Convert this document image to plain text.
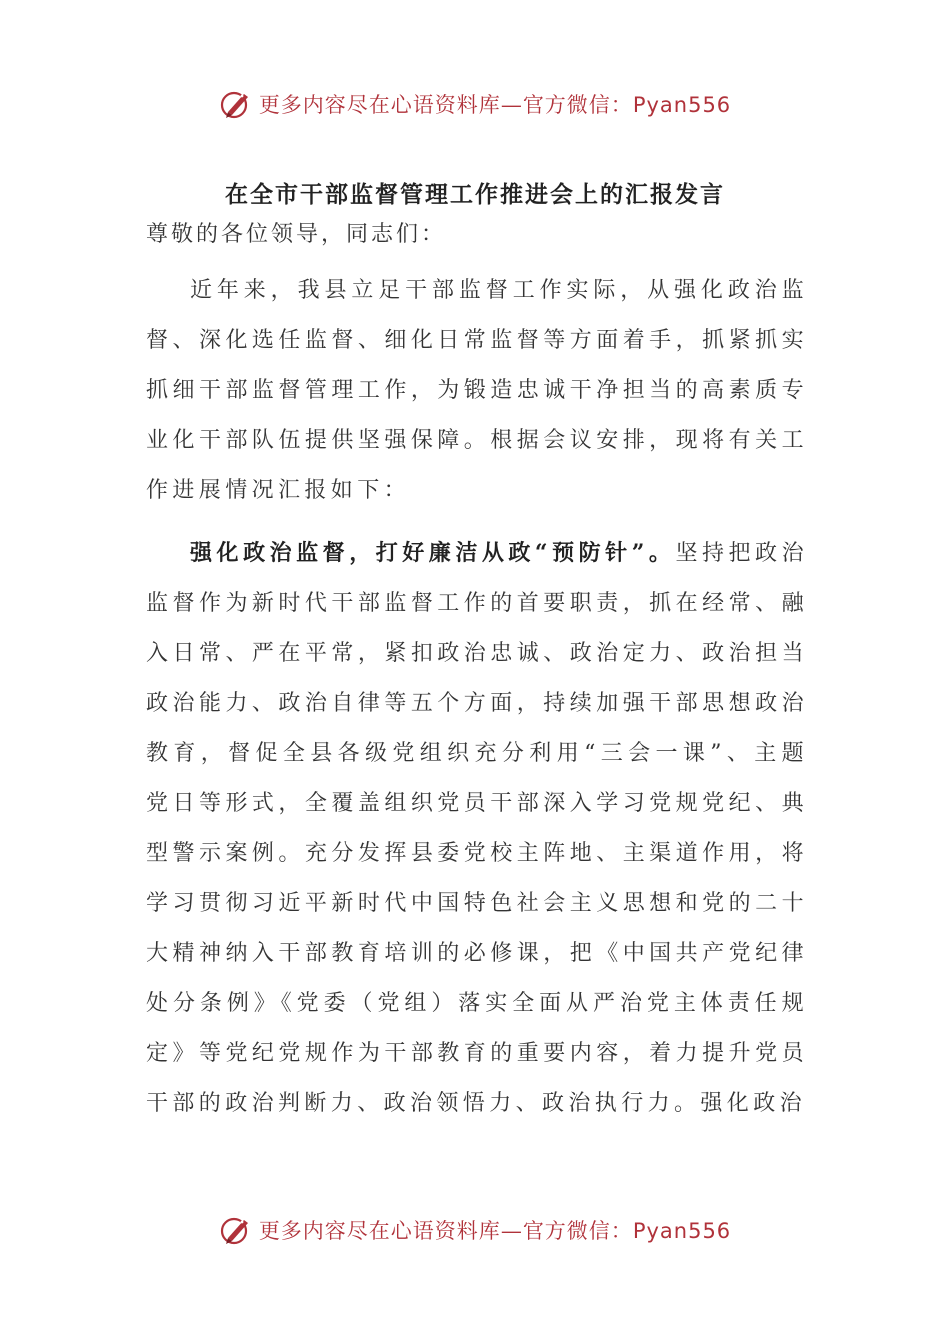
更多内容尽在心语资料库—官方微信：Pyan556
在全市干部监督管理工作推进会上的汇报发言

尊敬的各位领导，同志们：

近年来，我县立足干部监督工作实际，从强化政治监督、深化选任监督、细化日常监督等方面着手，抓紧抓实抓细干部监督管理工作，为锻造忠诚干净担当的高素质专业化干部队伍提供坚强保障。根据会议安排，现将有关工作进展情况汇报如下：

强化政治监督，打好廉洁从政“预防针”。坚持把政治监督作为新时代干部监督工作的首要职责，抓在经常、融入日常、严在平常，紧扣政治忠诚、政治定力、政治担当政治能力、政治自律等五个方面，持续加强干部思想政治教育，督促全县各级党组织充分利用“三会一课”、主题党日等形式，全覆盖组织党员干部深入学习党规党纪、典型警示案例。充分发挥县委党校主阵地、主渠道作用，将学习贯彻习近平新时代中国特色社会主义思想和党的二十大精神纳入干部教育培训的必修课，把《中国共产党纪律处分条例》《党委（党组）落实全面从严治党主体责任规定》等党纪党规作为干部教育的重要内容，着力提升党员干部的政治判断力、政治领悟力、政治执行力。强化政治

更多内容尽在心语资料库—官方微信：Pyan556
